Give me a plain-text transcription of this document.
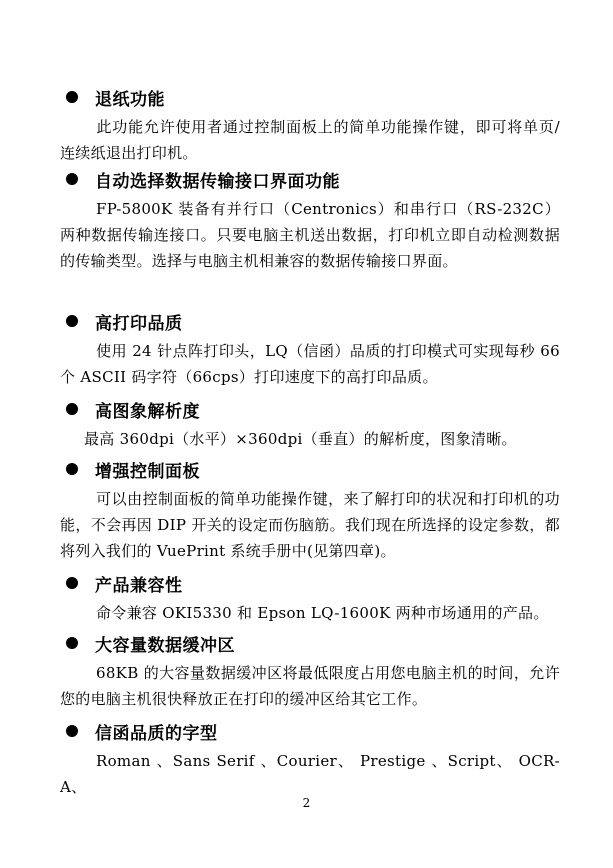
退纸功能
此功能允许使用者通过控制面板上的简单功能操作键，即可将单页/连续纸退出打印机。
自动选择数据传输接口界面功能
FP-5800K 装备有并行口（Centronics）和串行口（RS-232C）两种数据传输连接口。只要电脑主机送出数据，打印机立即自动检测数据的传输类型。选择与电脑主机相兼容的数据传输接口界面。
高打印品质
使用 24 针点阵打印头，LQ（信函）品质的打印模式可实现每秒 66 个 ASCII 码字符（66cps）打印速度下的高打印品质。
高图象解析度
最高 360dpi（水平）×360dpi（垂直）的解析度，图象清晰。
增强控制面板
可以由控制面板的简单功能操作键，来了解打印的状况和打印机的功能，不会再因 DIP 开关的设定而伤脑筋。我们现在所选择的设定参数，都将列入我们的 VuePrint 系统手册中(见第四章)。
产品兼容性
命令兼容 OKI5330 和 Epson LQ-1600K 两种市场通用的产品。
大容量数据缓冲区
68KB 的大容量数据缓冲区将最低限度占用您电脑主机的时间，允许您的电脑主机很快释放正在打印的缓冲区给其它工作。
信函品质的字型
Roman 、Sans Serif 、Courier、 Prestige 、Script、 OCR-A、
2
